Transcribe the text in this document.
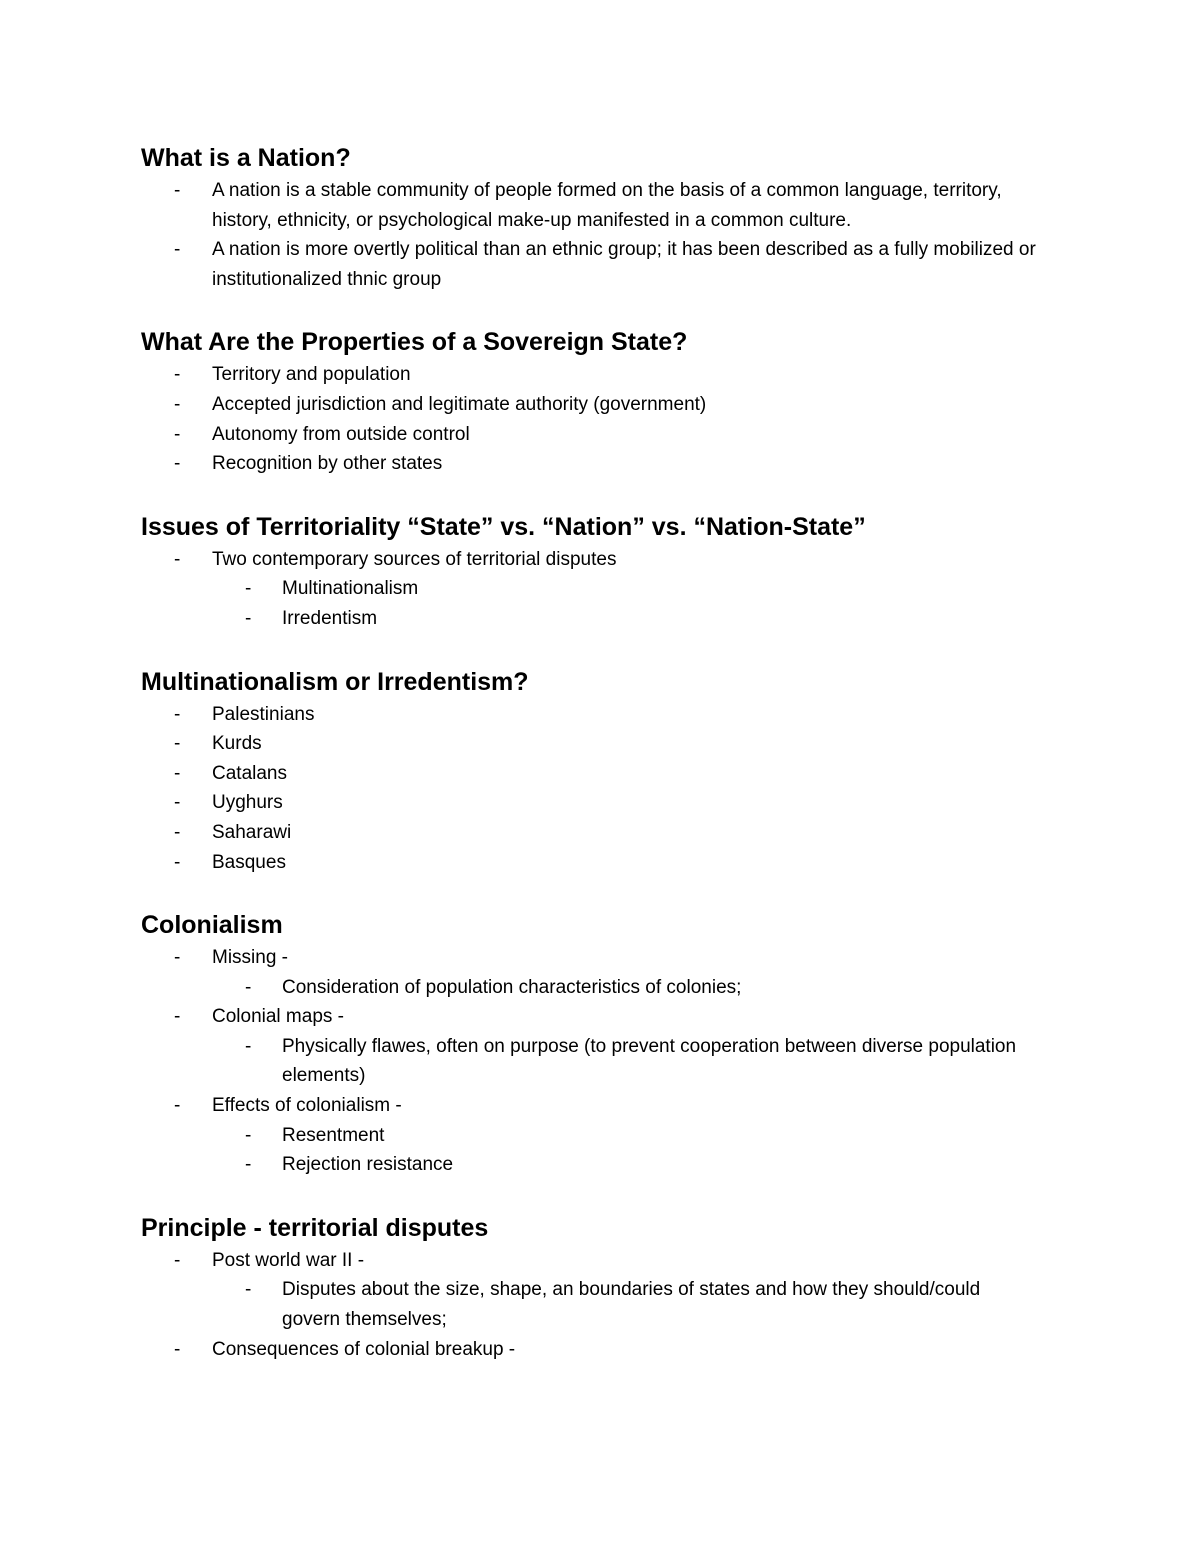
What is a Nation?
- A nation is a stable community of people formed on the basis of a common language, territory, history, ethnicity, or psychological make-up manifested in a common culture.
- A nation is more overtly political than an ethnic group; it has been described as a fully mobilized or institutionalized thnic group
What Are the Properties of a Sovereign State?
- Territory and population
- Accepted jurisdiction and legitimate authority (government)
- Autonomy from outside control
- Recognition by other states
Issues of Territoriality “State” vs. “Nation” vs. “Nation-State”
- Two contemporary sources of territorial disputes
- Multinationalism
- Irredentism
Multinationalism or Irredentism?
- Palestinians
- Kurds
- Catalans
- Uyghurs
- Saharawi
- Basques
Colonialism
- Missing -
- Consideration of population characteristics of colonies;
- Colonial maps -
- Physically flawes, often on purpose (to prevent cooperation between diverse population elements)
- Effects of colonialism -
- Resentment
- Rejection resistance
Principle - territorial disputes
- Post world war II -
- Disputes about the size, shape, an boundaries of states and how they should/could govern themselves;
- Consequences of colonial breakup -
